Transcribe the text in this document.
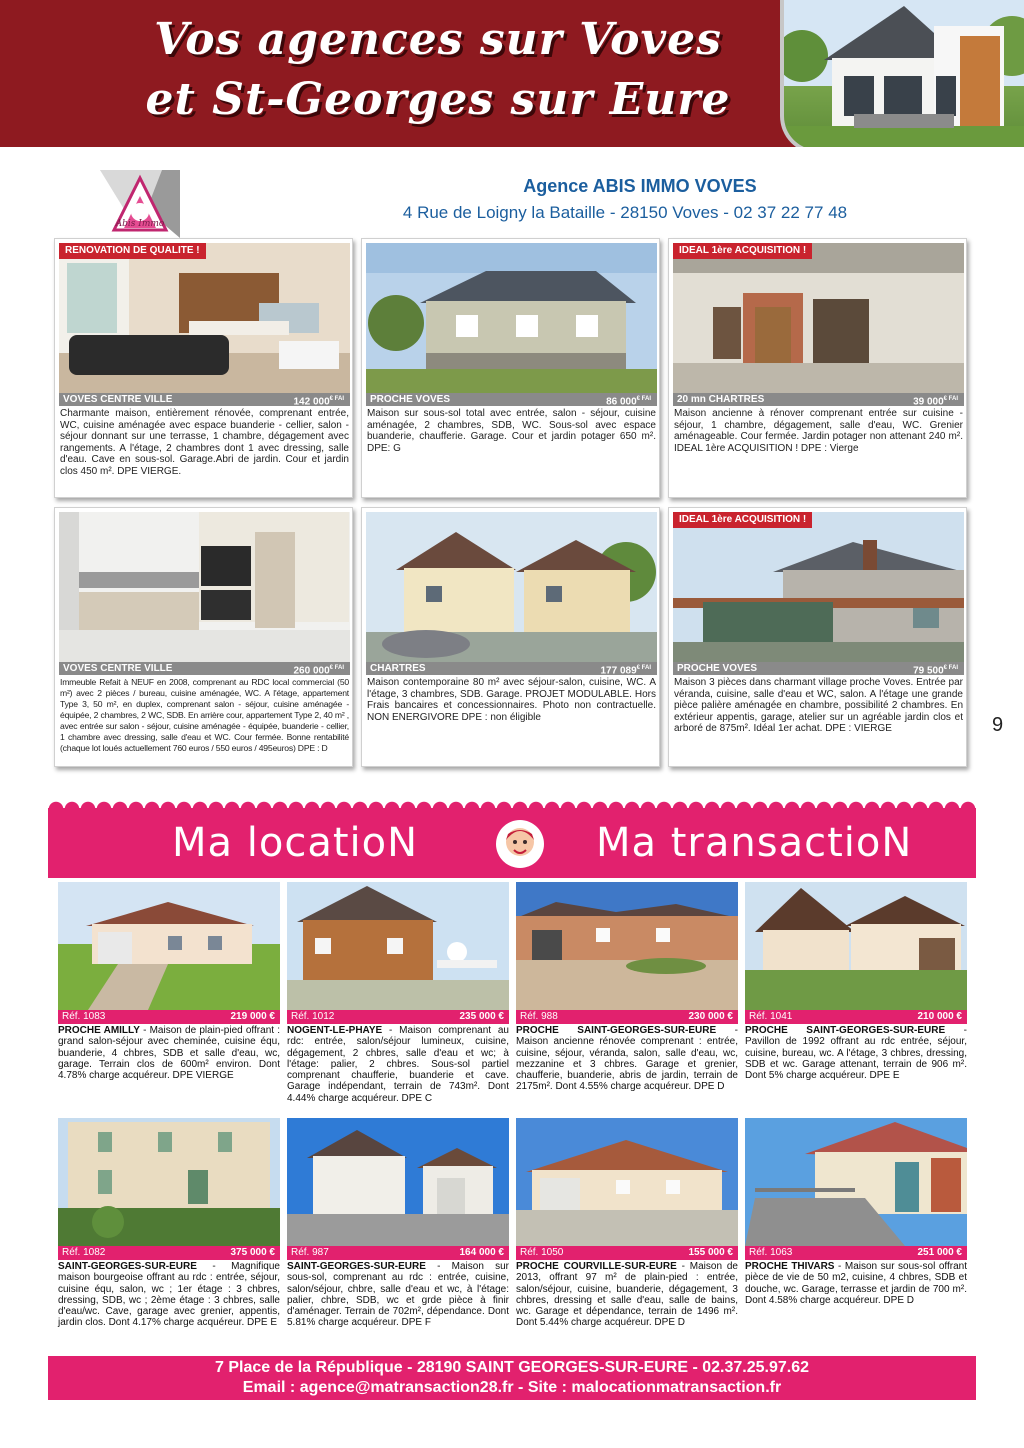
Vos agences sur Voves
et St-Georges sur Eure
Abis Immo
Agence ABIS IMMO VOVES
4 Rue de Loigny la Bataille - 28150 Voves - 02 37 22 77 48
RENOVATION DE QUALITE !
VOVES CENTRE VILLE	142 $000^{€ FAI}$
Charmante maison, entièrement rénovée, comprenant entrée, WC, cuisine aménagée avec espace buanderie - cellier, salon - séjour donnant sur une terrasse, 1 chambre, dégagement avec rangements. A l'étage, 2 chambres dont 1 avec dressing, salle d'eau. Cave en sous-sol. Garage.Abri de jardin. Cour et jardin clos 450 m². DPE VIERGE.
PROCHE VOVES	86 $000^{€ FAI}$
Maison sur sous-sol total avec entrée, salon - séjour, cuisine aménagée, 2 chambres, SDB, WC. Sous-sol avec espace buanderie, chaufferie. Garage. Cour et jardin potager 650 m². DPE: G
IDEAL 1ère ACQUISITION !
20 mn CHARTRES	39 $000^{€ FAI}$
Maison ancienne à rénover comprenant entrée sur cuisine - séjour, 1 chambre, dégagement, salle d'eau, WC. Grenier aménageable. Cour fermée. Jardin potager non attenant 240 m². IDEAL 1ère ACQUISITION ! DPE : Vierge
VOVES CENTRE VILLE	260 $000^{€ FAI}$
Immeuble Refait à NEUF en 2008, comprenant au RDC local commercial (50 m²) avec 2 pièces / bureau, cuisine aménagée, WC. A l'étage, appartement Type 3, 50 m², en duplex, comprenant salon - séjour, cuisine aménagée - équipée, 2 chambres, 2 WC, SDB. En arrière cour, appartement Type 2, 40 m² , avec entrée sur salon - séjour, cuisine aménagée - équipée, buanderie - cellier, 1 chambre avec dressing, salle d'eau et WC. Cour fermée. Bonne rentabilité (chaque lot loués actuellement 760 euros / 550 euros / 495euros) DPE : D
CHARTRES	177 $089^{€ FAI}$
Maison contemporaine 80 m² avec séjour-salon, cuisine, WC. A l'étage, 3 chambres, SDB. Garage. PROJET MODULABLE. Hors Frais bancaires et concessionnaires. Photo non contractuelle. NON ENERGIVORE DPE : non éligible
IDEAL 1ère ACQUISITION !
PROCHE VOVES	79 $500^{€ FAI}$
Maison 3 pièces dans charmant village proche Voves. Entrée par véranda, cuisine, salle d'eau et WC, salon. A l'étage une grande pièce palière aménagée en chambre, possibilité 2 chambres. En extérieur appentis, garage, atelier sur un agréable jardin clos et arboré de 875m². Idéal 1er achat. DPE : VIERGE	9
Ma locatioN	Ma transactioN
Réf. 1083	219 000 €
PROCHE AMILLY - Maison de plain-pied offrant : grand salon-séjour avec cheminée, cuisine équ, buanderie, 4 chbres, SDB et salle d'eau, wc, garage. Terrain clos de 600m² environ. Dont 4.78% charge acquéreur. DPE VIERGE
Réf. 1012	235 000 €
NOGENT-LE-PHAYE - Maison comprenant au rdc: entrée, salon/séjour lumineux, cuisine, dégagement, 2 chbres, salle d'eau et wc; à l'étage: palier, 2 chbres. Sous-sol partiel comprenant chaufferie, buanderie et cave. Garage indépendant, terrain de 743m². Dont 4.44% charge acquéreur. DPE C
Réf. 988	230 000 €
PROCHE SAINT-GEORGES-SUR-EURE - Maison ancienne rénovée comprenant : entrée, cuisine, séjour, véranda, salon, salle d'eau, wc, mezzanine et 3 chbres. Garage et grenier, chaufferie, buanderie, abris de jardin, terrain de 2175m². Dont 4.55% charge acquéreur. DPE D
Réf. 1041	210 000 €
PROCHE SAINT-GEORGES-SUR-EURE - Pavillon de 1992 offrant au rdc entrée, séjour, cuisine, bureau, wc. A l'étage, 3 chbres, dressing, SDB et wc. Garage attenant, terrain de 906 m². Dont 5% charge acquéreur. DPE E
Réf. 1082	375 000 €
SAINT-GEORGES-SUR-EURE - Magnifique maison bourgeoise offrant au rdc : entrée, séjour, cuisine équ, salon, wc ; 1er étage : 3 chbres, dressing, SDB, wc ; 2ème étage : 3 chbres, salle d'eau/wc. Cave, garage avec grenier, appentis, jardin clos. Dont 4.17% charge acquéreur. DPE E
Réf. 987	164 000 €
SAINT-GEORGES-SUR-EURE - Maison sur sous-sol, comprenant au rdc : entrée, cuisine, salon/séjour, chbre, salle d'eau et wc, à l'étage: palier, chbre, SDB, wc et grde pièce à finir d'aménager. Terrain de 702m², dépendance. Dont 5.81% charge acquéreur. DPE F
Réf. 1050	155 000 €
PROCHE COURVILLE-SUR-EURE - Maison de 2013, offrant 97 m² de plain-pied : entrée, salon/séjour, cuisine, buanderie, dégagement, 3 chbres, dressing et salle d'eau, salle de bains, wc. Garage et dépendance, terrain de 1496 m². Dont 5.44% charge acquéreur. DPE D
Réf. 1063	251 000 €
PROCHE THIVARS - Maison sur sous-sol offrant pièce de vie de 50 m2, cuisine, 4 chbres, SDB et douche, wc. Garage, terrasse et jardin de 700 m². Dont 4.58% charge acquéreur. DPE D
7 Place de la République - 28190 SAINT GEORGES-SUR-EURE - 02.37.25.97.62
Email : agence@matransaction28.fr - Site : malocationmatransaction.fr
